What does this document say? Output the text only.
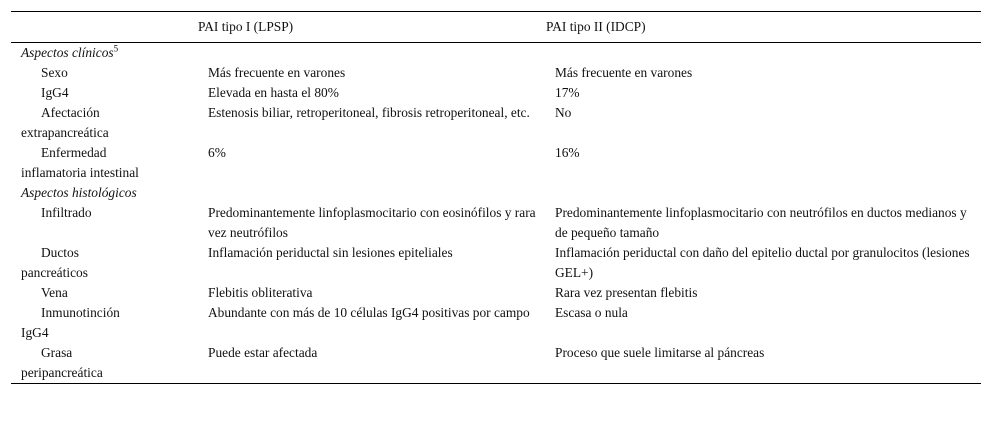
	PAI tipo I (LPSP)	PAI tipo II (IDCP)
Aspectos clínicos$^5$

Sexo	Más frecuente en varones	Más frecuente en varones

IgG4	Elevada en hasta el 80%	17%

Afectación
extrapancreática	Estenosis biliar, retroperitoneal, fibrosis retroperitoneal, etc.	No

Enfermedad
inflamatoria intestinal	6%	16%
Aspectos histológicos		

Infiltrado	Predominantemente linfoplasmocitario con eosinófilos y rara vez neutrófilos	Predominantemente linfoplasmocitario con neutrófilos en ductos medianos y de pequeño tamaño

Ductos
pancreáticos	Inflamación periductal sin lesiones epiteliales	Inflamación periductal con daño del epitelio ductal por granulocitos (lesiones GEL+)

Vena	Flebitis obliterativa	Rara vez presentan flebitis

Inmunotinción
IgG4	Abundante con más de 10 células IgG4 positivas por campo	Escasa o nula

Grasa
peripancreática	Puede estar afectada	Proceso que suele limitarse al páncreas
